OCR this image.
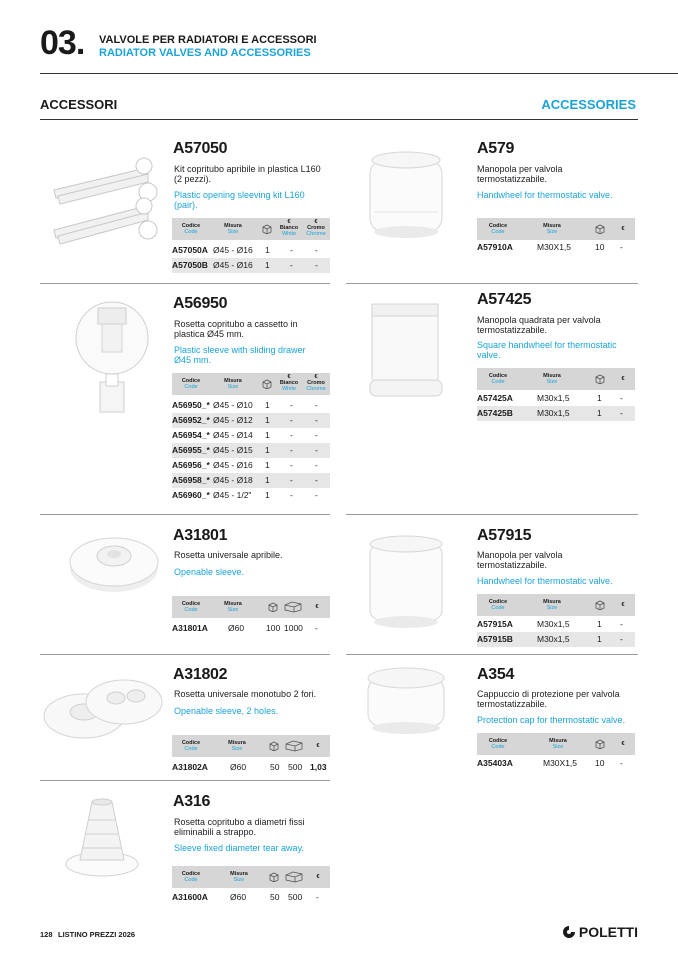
03. VALVOLE PER RADIATORI E ACCESSORI
RADIATOR VALVES AND ACCESSORIES
ACCESSORI	ACCESSORIES
A57050
Kit copritubo apribile in plastica L160 (2 pezzi).
Plastic opening sleeving kit L160 (pair).
Codice
Code
Misura
Size
€
Bianco
White
€
Cromo
Chrome
A57050A Ø45 - Ø16 1 -	-
A57050B Ø45 - Ø16 1 -	-
A56950
Rosetta copritubo a cassetto in plastica Ø45 mm.
Plastic sleeve with sliding drawer Ø45 mm.
Codice
Code
Misura
Size
€
Bianco
White
€
Cromo
Chrome
A56950_* Ø45 - Ø10 1 -	-
A56952_* Ø45 - Ø12 1 -	-
A56954_* Ø45 - Ø14 1 -	-
A56955_* Ø45 - Ø15 1 -	-
A56956_* Ø45 - Ø16 1 -	-
A56958_* Ø45 - Ø18 1 -	-
A56960_* Ø45 - 1/2" 1 -	-
A31801
Rosetta universale apribile.
Openable sleeve.
Codice
Code
Misura
Size	€
A31801A Ø60	100 1000 -
A31802
Rosetta universale monotubo 2 fori.
Openable sleeve, 2 holes.
Codice
Code
Misura
Size	€
A31802A	Ø60	50 500 1,03
A316
Rosetta copritubo a diametri fissi eliminabili a strappo.
Sleeve fixed diameter tear away.
Codice
Code
Misura
Size	€
A31600A	Ø60	50 500 -
A579
Manopola per valvola termostatizzabile.
Handwheel for thermostatic valve.
Codice
Code
Misura
Size	€
A57910A	M30X1,5	10 -
A57425
Manopola quadrata per valvola termostatizzabile.
Square handwheel for thermostatic valve.
Codice
Code
Misura
Size	€
A57425A	M30x1,5	1 -
A57425B	M30x1,5	1 -
A57915
Manopola per valvola termostatizzabile.
Handwheel for thermostatic valve.
Codice
Code
Misura
Size	€
A57915A	M30x1,5	1 -
A57915B	M30x1,5	1 -
A354
Cappuccio di protezione per valvola termostatizzabile.
Protection cap for thermostatic valve.
Codice
Code
Misura
Size	€
A35403A	M30X1,5 10 -
128 LISTINO PREZZI 2026	POLETTI
